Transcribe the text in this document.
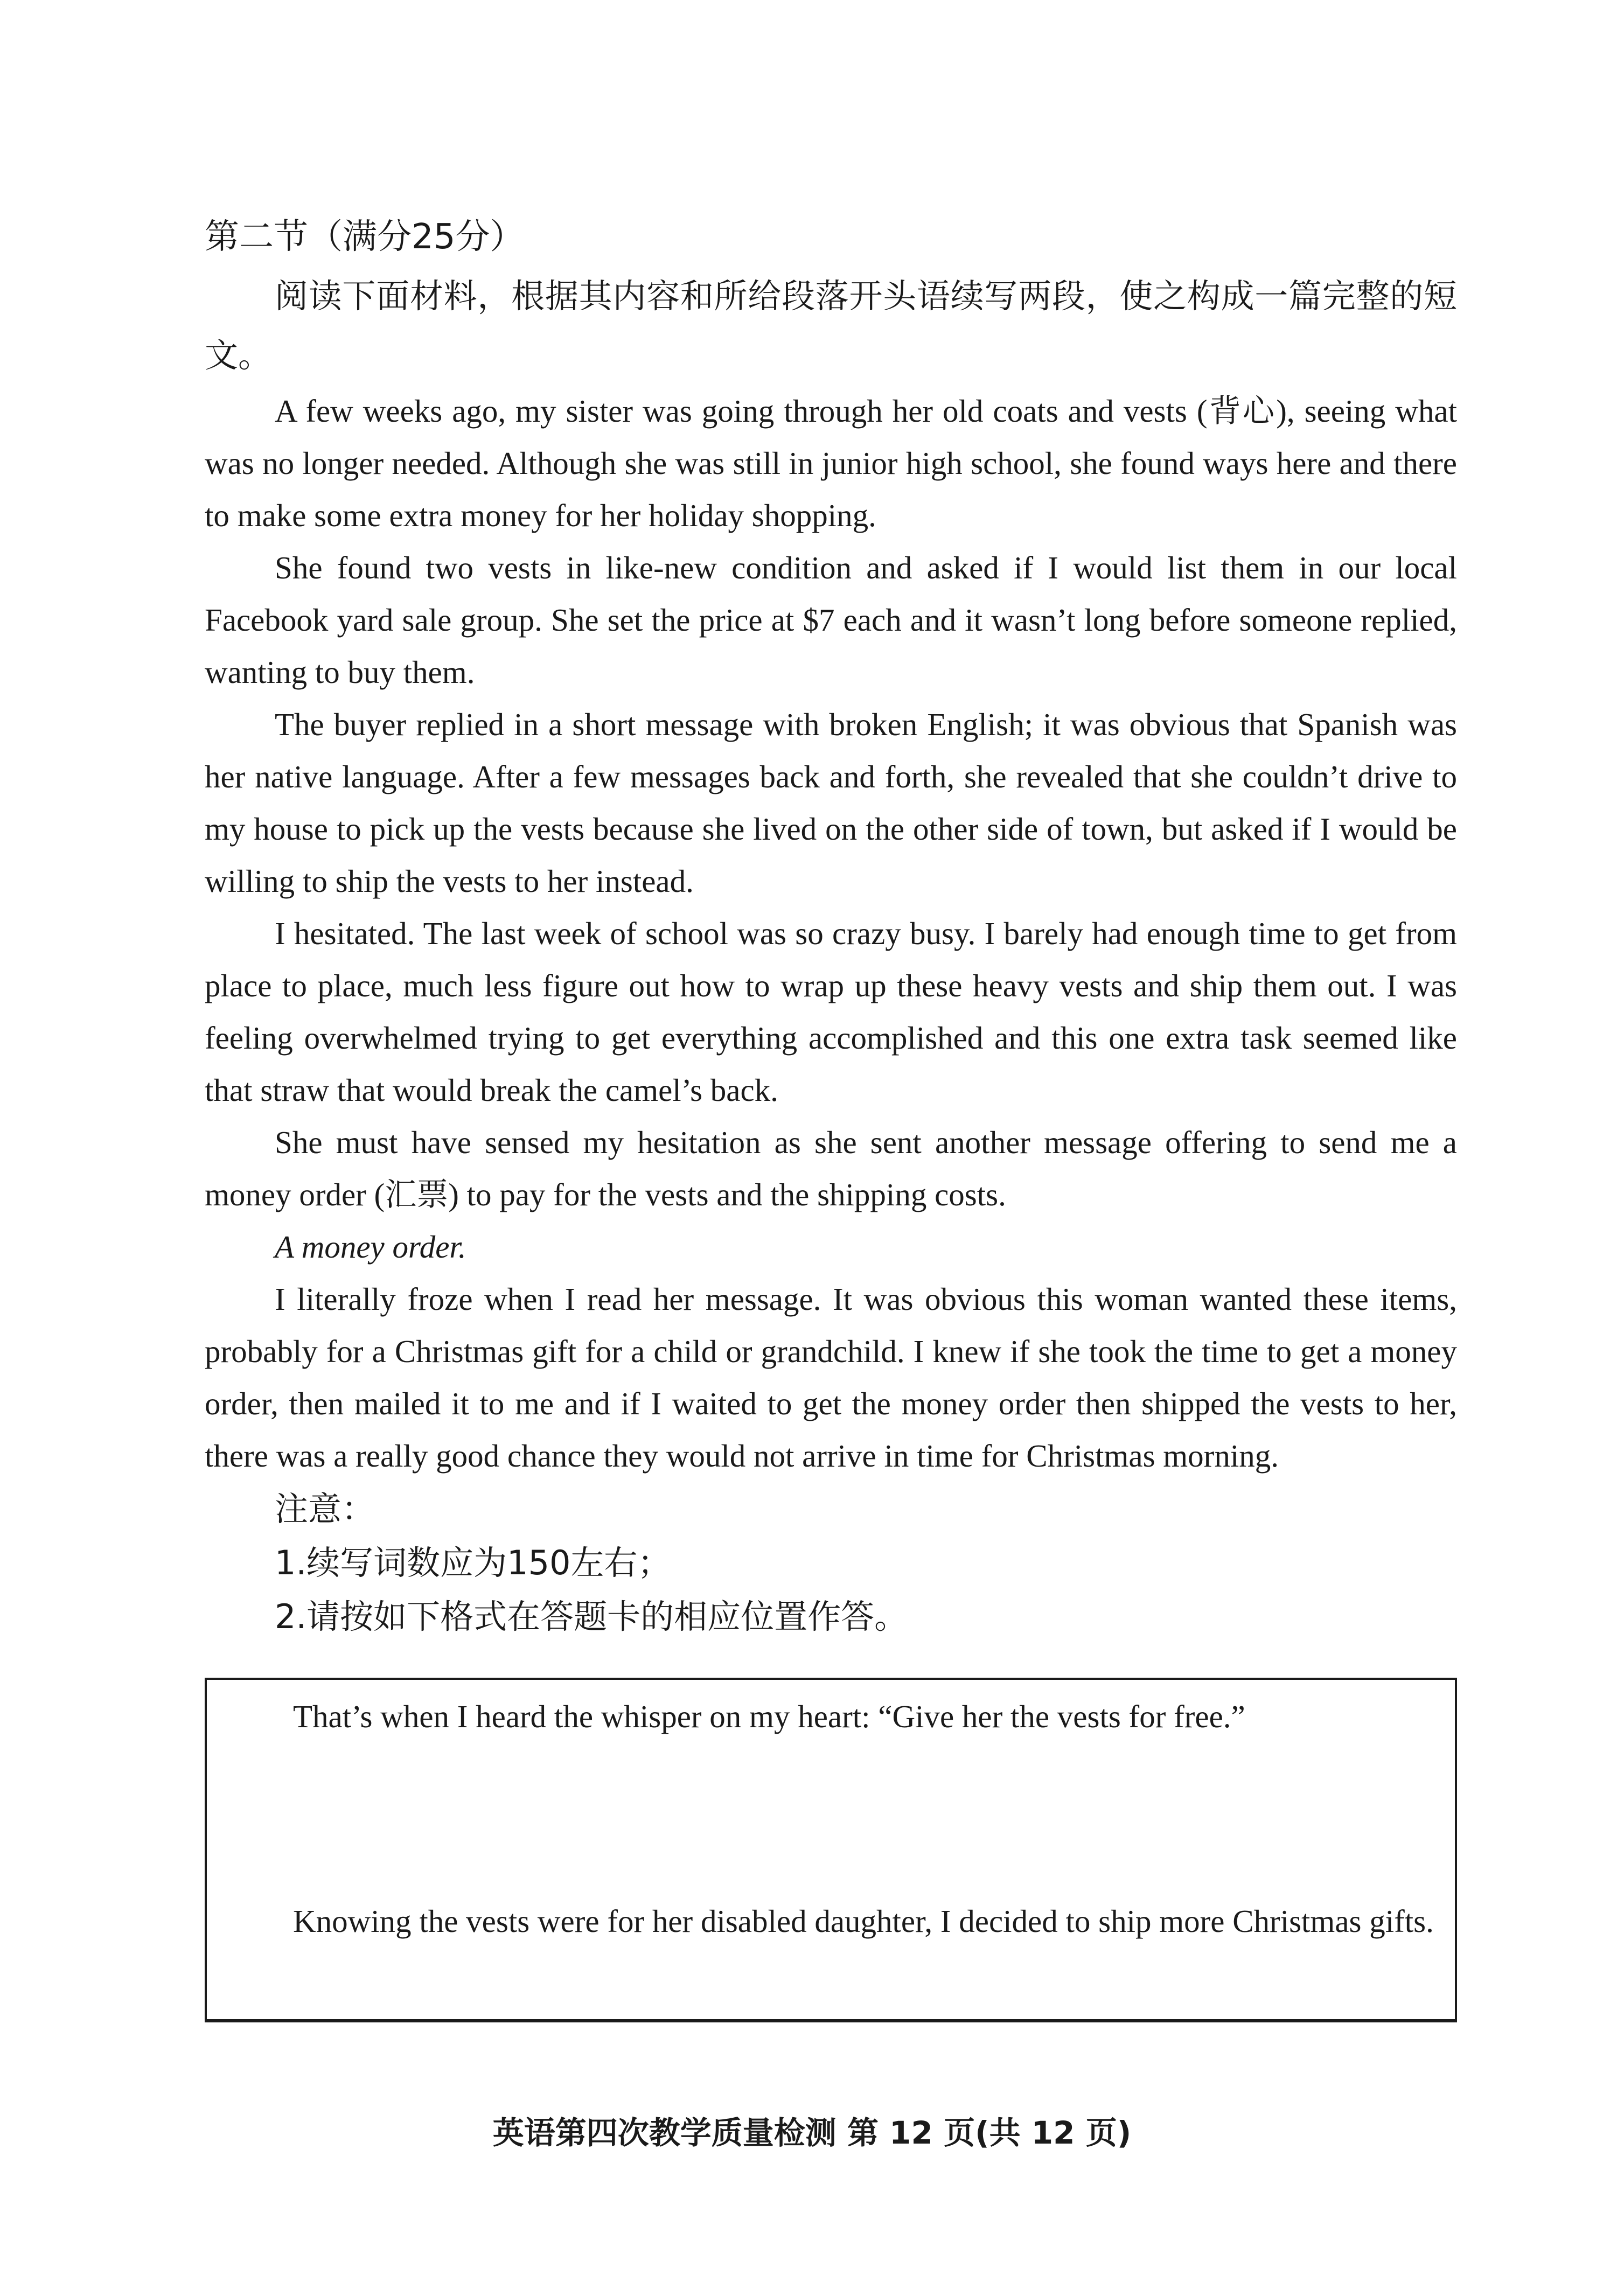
第二节（满分25分）

阅读下面材料，根据其内容和所给段落开头语续写两段，使之构成一篇完整的短文。

A few weeks ago, my sister was going through her old coats and vests (背心), seeing what was no longer needed. Although she was still in junior high school, she found ways here and there to make some extra money for her holiday shopping.

She found two vests in like-new condition and asked if I would list them in our local Facebook yard sale group. She set the price at $7 each and it wasn’t long before someone replied, wanting to buy them.

The buyer replied in a short message with broken English; it was obvious that Spanish was her native language. After a few messages back and forth, she revealed that she couldn’t drive to my house to pick up the vests because she lived on the other side of town, but asked if I would be willing to ship the vests to her instead.

I hesitated. The last week of school was so crazy busy. I barely had enough time to get from place to place, much less figure out how to wrap up these heavy vests and ship them out. I was feeling overwhelmed trying to get everything accomplished and this one extra task seemed like that straw that would break the camel’s back.

She must have sensed my hesitation as she sent another message offering to send me a money order (汇票) to pay for the vests and the shipping costs.

A money order.

I literally froze when I read her message. It was obvious this woman wanted these items, probably for a Christmas gift for a child or grandchild. I knew if she took the time to get a money order, then mailed it to me and if I waited to get the money order then shipped the vests to her, there was a really good chance they would not arrive in time for Christmas morning.

注意：

1.续写词数应为150左右；

2.请按如下格式在答题卡的相应位置作答。

That’s when I heard the whisper on my heart: “Give her the vests for free.”

Knowing the vests were for her disabled daughter, I decided to ship more Christmas gifts.

英语第四次教学质量检测 第 12 页(共 12 页)
